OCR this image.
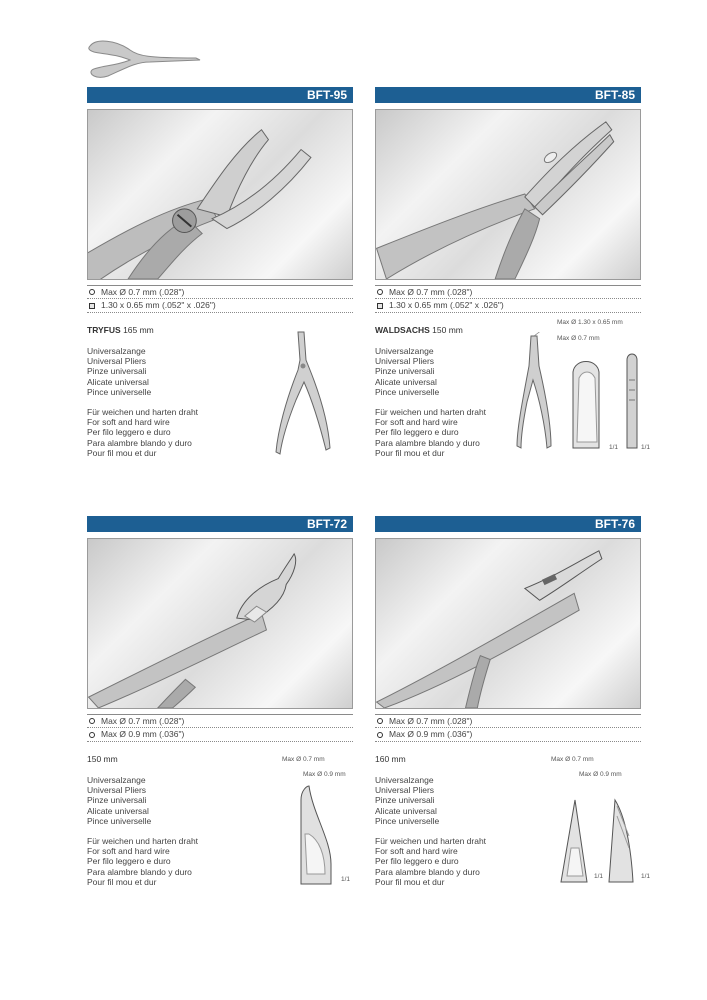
BFT-95
Max Ø 0.7 mm (.028")
1.30 x 0.65 mm (.052" x .026")
TRYFUS 165 mm
Universalzange
Universal Pliers
Pinze universali
Alicate universal
Pince universelle
Für weichen und harten draht
For soft and hard wire
Per filo leggero e duro
Para alambre blando y duro
Pour fil mou et dur
BFT-85
Max Ø 0.7 mm (.028")
1.30 x 0.65 mm (.052" x .026")
WALDSACHS 150 mm
Universalzange
Universal Pliers
Pinze universali
Alicate universal
Pince universelle
Für weichen und harten draht
For soft and hard wire
Per filo leggero e duro
Para alambre blando y duro
Pour fil mou et dur
Max Ø 1.30 x 0.65 mm
Max Ø 0.7 mm
1/1
BFT-72
Max Ø 0.7 mm (.028")
Max Ø 0.9 mm (.036")
150 mm
Universalzange
Universal Pliers
Pinze universali
Alicate universal
Pince universelle
Für weichen und harten draht
For soft and hard wire
Per filo leggero e duro
Para alambre blando y duro
Pour fil mou et dur
Max Ø 0.7 mm
Max Ø 0.9 mm
1/1
BFT-76
Max Ø 0.7 mm (.028")
Max Ø 0.9 mm (.036")
160 mm
Universalzange
Universal Pliers
Pinze universali
Alicate universal
Pince universelle
Für weichen und harten draht
For soft and hard wire
Per filo leggero e duro
Para alambre blando y duro
Pour fil mou et dur
Max Ø 0.7 mm
Max Ø 0.9 mm
1/1	1/1
1/1
